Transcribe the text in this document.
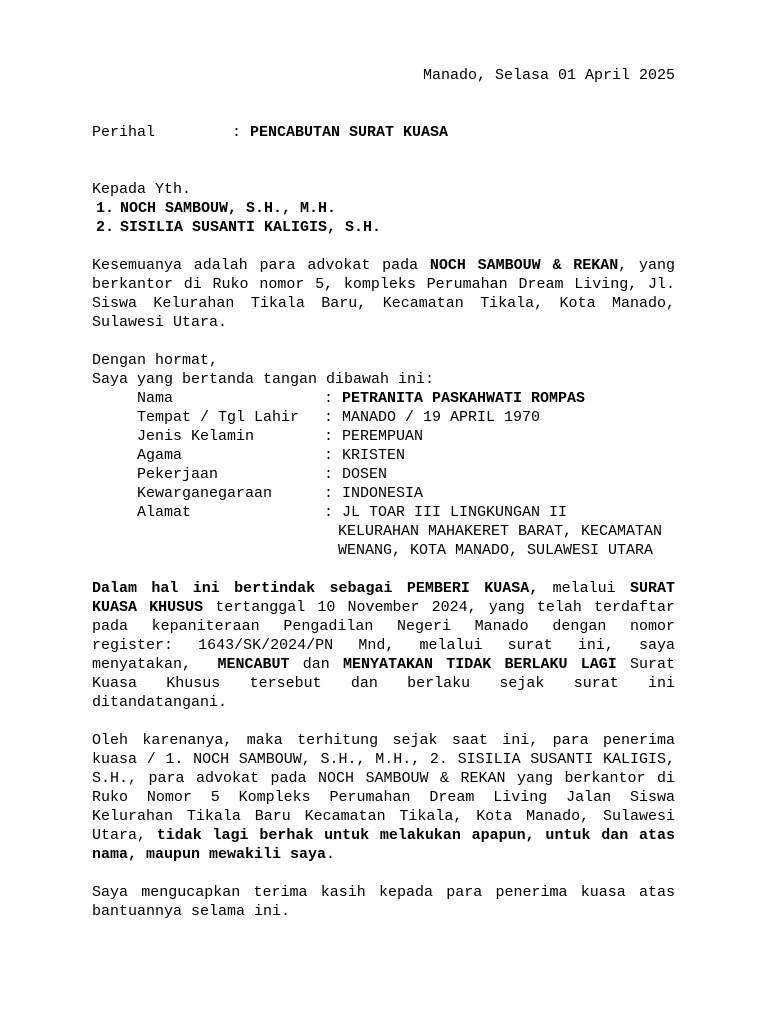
Manado, Selasa 01 April 2025
Perihal	: PENCABUTAN SURAT KUASA
Kepada Yth.
1. NOCH SAMBOUW, S.H., M.H.
2. SISILIA SUSANTI KALIGIS, S.H.
Kesemuanya adalah para advokat pada NOCH SAMBOUW & REKAN, yang berkantor di Ruko nomor 5, kompleks Perumahan Dream Living, Jl. Siswa Kelurahan Tikala Baru, Kecamatan Tikala, Kota Manado, Sulawesi Utara.
Dengan hormat,
Saya yang bertanda tangan dibawah ini:
Nama	: PETRANITA PASKAHWATI ROMPAS
Tempat / Tgl Lahir	: MANADO / 19 APRIL 1970
Jenis Kelamin	: PEREMPUAN
Agama	: KRISTEN
Pekerjaan	: DOSEN
Kewarganegaraan	: INDONESIA
Alamat	: JL TOAR III LINGKUNGAN II
KELURAHAN MAHAKERET BARAT, KECAMATAN WENANG, KOTA MANADO, SULAWESI UTARA
Dalam hal ini bertindak sebagai PEMBERI KUASA, melalui SURAT KUASA KHUSUS tertanggal 10 November 2024, yang telah terdaftar pada kepaniteraan Pengadilan Negeri Manado dengan nomor register: 1643/SK/2024/PN Mnd, melalui surat ini, saya menyatakan,  MENCABUT dan MENYATAKAN TIDAK BERLAKU LAGI Surat Kuasa Khusus tersebut dan berlaku sejak surat ini ditandatangani.
Oleh karenanya, maka terhitung sejak saat ini, para penerima kuasa / 1. NOCH SAMBOUW, S.H., M.H., 2. SISILIA SUSANTI KALIGIS, S.H., para advokat pada NOCH SAMBOUW & REKAN yang berkantor di Ruko Nomor 5 Kompleks Perumahan Dream Living Jalan Siswa Kelurahan Tikala Baru Kecamatan Tikala, Kota Manado, Sulawesi Utara, tidak lagi berhak untuk melakukan apapun, untuk dan atas nama, maupun mewakili saya.
Saya mengucapkan terima kasih kepada para penerima kuasa atas bantuannya selama ini.
